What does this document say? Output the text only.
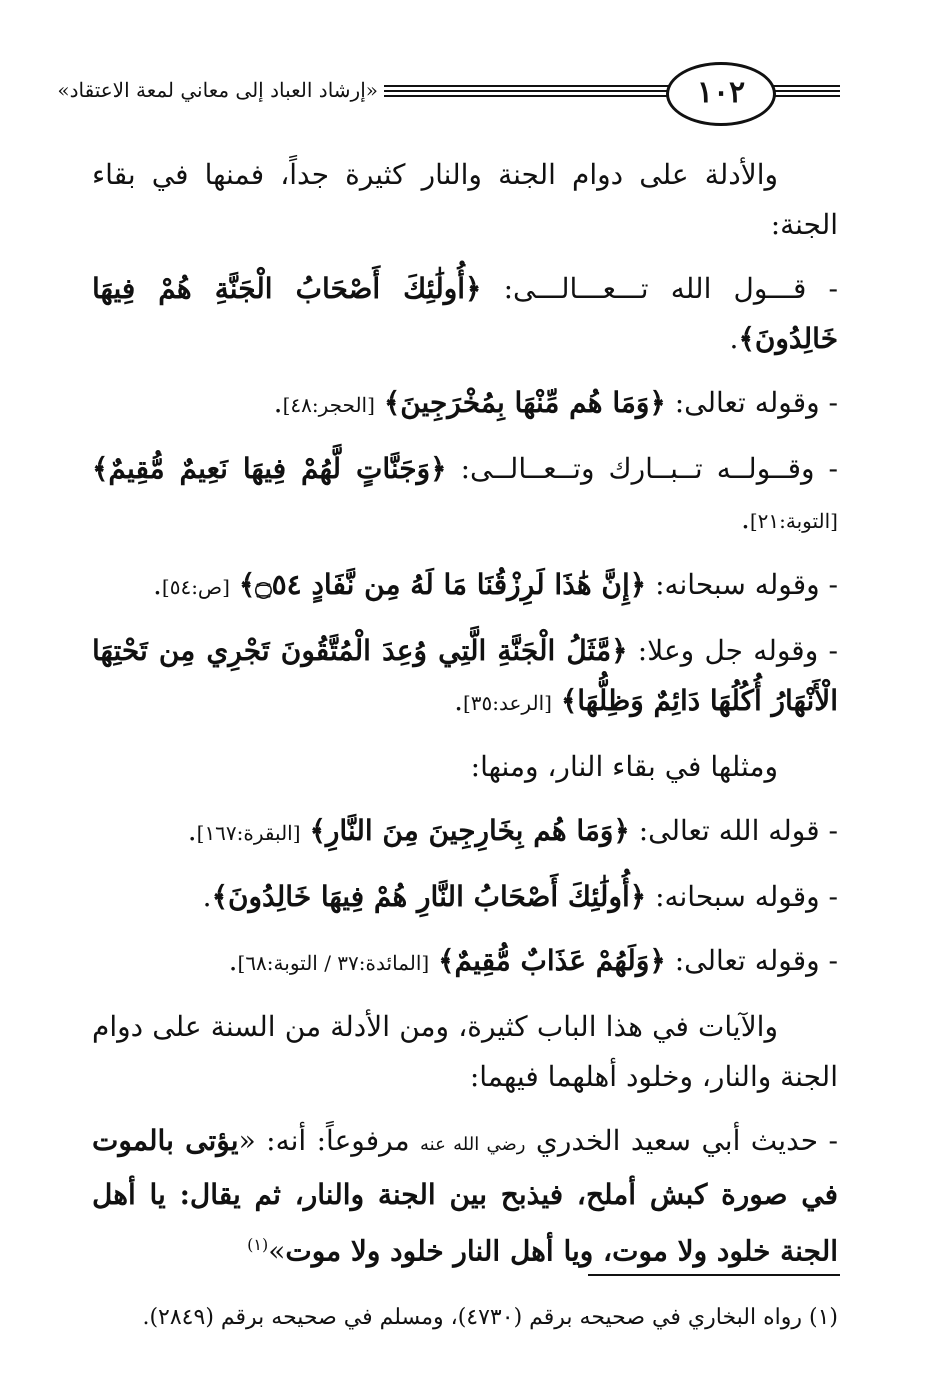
«إرشاد العباد إلى معاني لمعة الاعتقاد»	١٠٢

والأدلة على دوام الجنة والنار كثيرة جداً، فمنها في بقاء الجنة:

- قـــول الله تـــعـــالـــى: ﴿أُولَٰئِكَ أَصْحَابُ الْجَنَّةِ هُمْ فِيهَا خَالِدُونَ﴾.

- وقوله تعالى: ﴿وَمَا هُم مِّنْهَا بِمُخْرَجِينَ﴾ [الحجر:٤٨].

- وقــولــه تــبــارك وتــعــالــى: ﴿وَجَنَّاتٍ لَّهُمْ فِيهَا نَعِيمٌ مُّقِيمٌ﴾ [التوبة:٢١].

- وقوله سبحانه: ﴿إِنَّ هَٰذَا لَرِزْقُنَا مَا لَهُ مِن نَّفَادٍ ۝٥٤﴾ [ص:٥٤].

- وقوله جل وعلا: ﴿مَّثَلُ الْجَنَّةِ الَّتِي وُعِدَ الْمُتَّقُونَ تَجْرِي مِن تَحْتِهَا الْأَنْهَارُ أُكُلُهَا دَائِمٌ وَظِلُّهَا﴾ [الرعد:٣٥].

ومثلها في بقاء النار، ومنها:

- قوله الله تعالى: ﴿وَمَا هُم بِخَارِجِينَ مِنَ النَّارِ﴾ [البقرة:١٦٧].

- وقوله سبحانه: ﴿أُولَٰئِكَ أَصْحَابُ النَّارِ هُمْ فِيهَا خَالِدُونَ﴾.

- وقوله تعالى: ﴿وَلَهُمْ عَذَابٌ مُّقِيمٌ﴾ [المائدة:٣٧ / التوبة:٦٨].

والآيات في هذا الباب كثيرة، ومن الأدلة من السنة على دوام الجنة والنار، وخلود أهلهما فيهما:

- حديث أبي سعيد الخدري رضي الله عنه مرفوعاً: أنه: «يؤتى بالموت في صورة كبش أملح، فيذبح بين الجنة والنار، ثم يقال: يا أهل الجنة خلود ولا موت، ويا أهل النار خلود ولا موت»$^{(١)}$

(١) رواه البخاري في صحيحه برقم (٤٧٣٠)، ومسلم في صحيحه برقم (٢٨٤٩).
